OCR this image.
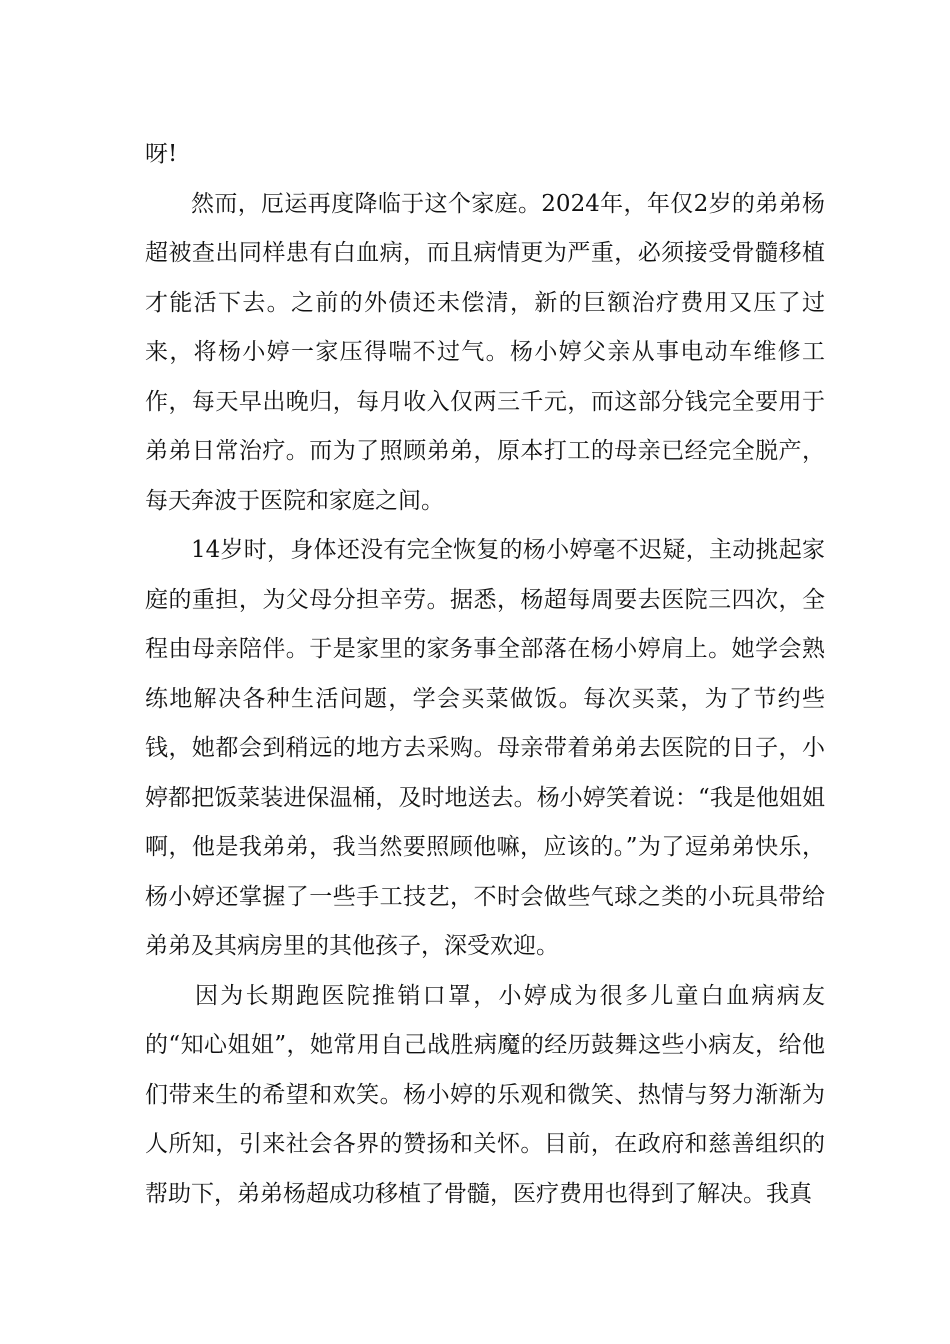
呀!

然而，厄运再度降临于这个家庭。2024年，年仅2岁的弟弟杨超被查出同样患有白血病，而且病情更为严重，必须接受骨髓移植才能活下去。之前的外债还未偿清，新的巨额治疗费用又压了过来，将杨小婷一家压得喘不过气。杨小婷父亲从事电动车维修工作，每天早出晚归，每月收入仅两三千元，而这部分钱完全要用于弟弟日常治疗。而为了照顾弟弟，原本打工的母亲已经完全脱产，每天奔波于医院和家庭之间。

14岁时，身体还没有完全恢复的杨小婷毫不迟疑，主动挑起家庭的重担，为父母分担辛劳。据悉，杨超每周要去医院三四次，全程由母亲陪伴。于是家里的家务事全部落在杨小婷肩上。她学会熟练地解决各种生活问题，学会买菜做饭。每次买菜，为了节约些钱，她都会到稍远的地方去采购。母亲带着弟弟去医院的日子，小婷都把饭菜装进保温桶，及时地送去。杨小婷笑着说：“我是他姐姐啊，他是我弟弟，我当然要照顾他嘛，应该的。”为了逗弟弟快乐，杨小婷还掌握了一些手工技艺，不时会做些气球之类的小玩具带给弟弟及其病房里的其他孩子，深受欢迎。

因为长期跑医院推销口罩，小婷成为很多儿童白血病病友的“知心姐姐”，她常用自己战胜病魔的经历鼓舞这些小病友，给他们带来生的希望和欢笑。杨小婷的乐观和微笑、热情与努力渐渐为人所知，引来社会各界的赞扬和关怀。目前，在政府和慈善组织的帮助下，弟弟杨超成功移植了骨髓，医疗费用也得到了解决。我真
